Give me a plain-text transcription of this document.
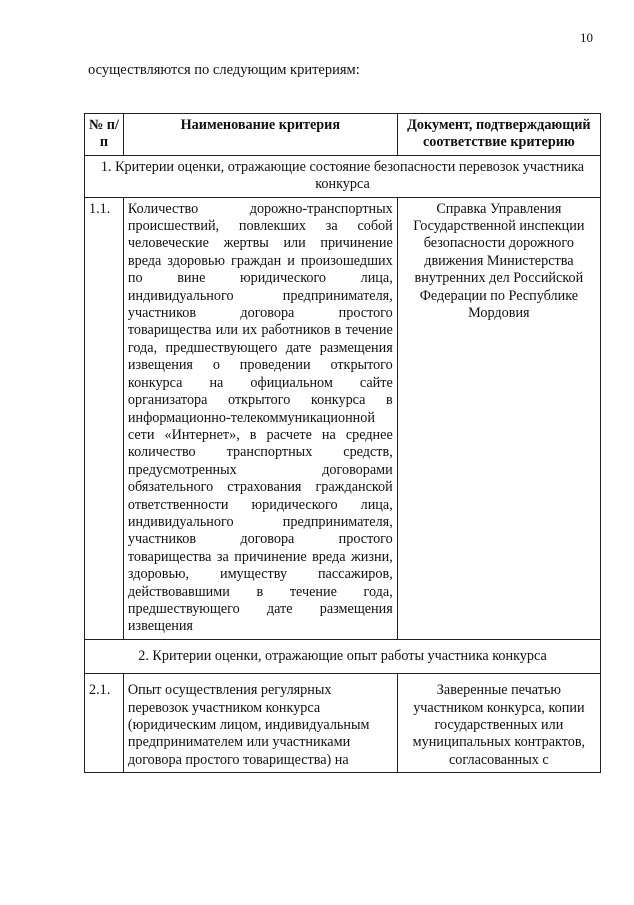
10
осуществляются по следующим критериям:
№ п/п	Наименование критерия	Документ, подтверждающий соответствие критерию
1. Критерии оценки, отражающие состояние безопасности перевозок участника конкурса		
1.1.	Количество дорожно-транспортных происшествий, повлекших за собой человеческие жертвы или причинение вреда здоровью граждан и произошедших по вине юридического лица, индивидуального предпринимателя, участников договора простого товарищества или их работников в течение года, предшествующего дате размещения извещения о проведении открытого конкурса на официальном сайте организатора открытого конкурса в информационно-телекоммуникационной сети «Интернет», в расчете на среднее количество транспортных средств, предусмотренных договорами обязательного страхования гражданской ответственности юридического лица, индивидуального предпринимателя, участников договора простого товарищества за причинение вреда жизни, здоровью, имуществу пассажиров, действовавшими в течение года, предшествующего дате размещения извещения	Справка Управления Государственной инспекции безопасности дорожного движения Министерства внутренних дел Российской Федерации по Республике Мордовия
2. Критерии оценки, отражающие опыт работы участника конкурса		
2.1.	Опыт осуществления регулярных перевозок участником конкурса (юридическим лицом, индивидуальным предпринимателем или участниками договора простого товарищества) на	Заверенные печатью участником конкурса, копии государственных или муниципальных контрактов, согласованных с
